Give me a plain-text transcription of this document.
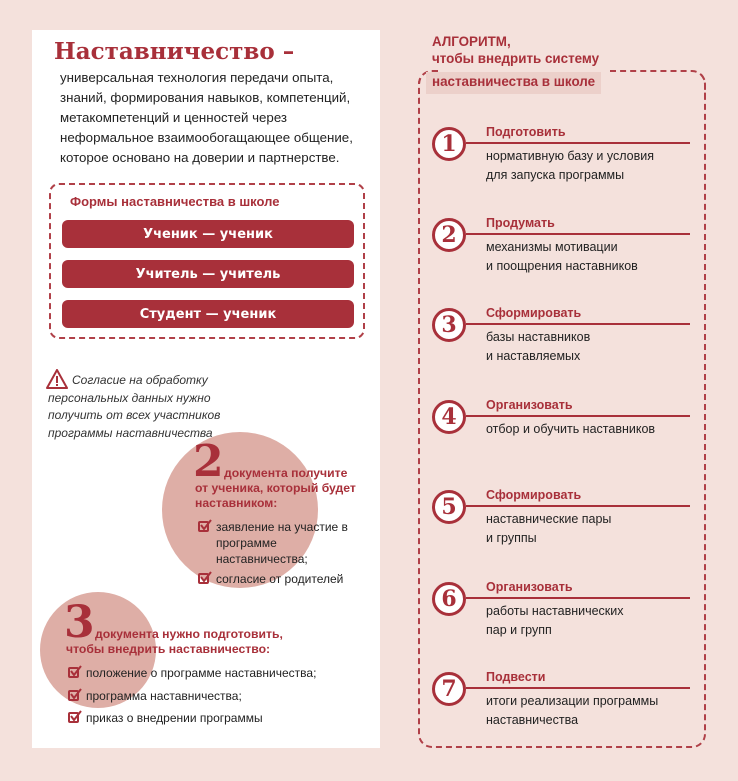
Наставничество –
универсальная технология передачи опыта, знаний, формирования навыков, компетенций, метакомпетенций и ценностей через неформальное взаимообогащающее общение, которое основано на доверии и партнерстве.
Формы наставничества в школе
Ученик — ученик
Учитель — учитель
Студент — ученик
Согласие на обработку персональных данных нужно получить от всех участников программы наставничества
2 документа получите
от ученика, который будет
наставником:
заявление на участие в программе наставничества;
согласие от родителей
3 документа нужно подготовить,
чтобы внедрить наставничество:
положение о программе наставничества;
программа наставничества;
приказ о внедрении программы
АЛГОРИТМ,
чтобы внедрить систему
наставничества в школе
1	Подготовить
нормативную базу и условия
для запуска программы
2	Продумать
механизмы мотивации
и поощрения наставников
3	Сформировать
базы наставников
и наставляемых
4	Организовать
отбор и обучить наставников
5	Сформировать
наставнические пары
и группы
6	Организовать
работы наставнических
пар и групп
7	Подвести
итоги реализации программы
наставничества
